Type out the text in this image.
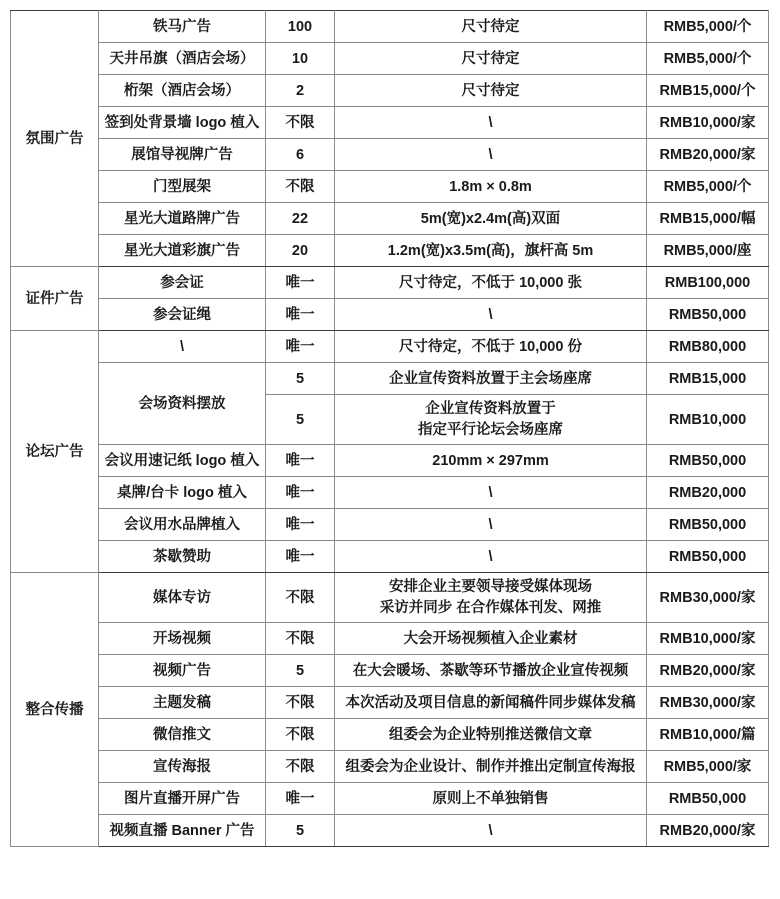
氛围广告	铁马广告	100	尺寸待定	RMB5,000/个
	天井吊旗（酒店会场）	10	尺寸待定	RMB5,000/个
	桁架（酒店会场）	2	尺寸待定	RMB15,000/个
	签到处背景墙 logo 植入	不限	\	RMB10,000/家
	展馆导视牌广告	6	\	RMB20,000/家
	门型展架	不限	1.8m × 0.8m	RMB5,000/个
	星光大道路牌广告	22	5m(宽)x2.4m(高)双面	RMB15,000/幅
	星光大道彩旗广告	20	1.2m(宽)x3.5m(高)，旗杆高 5m	RMB5,000/座
证件广告	参会证	唯一	尺寸待定，不低于 10,000 张	RMB100,000
	参会证绳	唯一	\	RMB50,000
论坛广告	\	唯一	尺寸待定，不低于 10,000 份	RMB80,000
	会场资料摆放	5	企业宣传资料放置于主会场座席	RMB15,000
		5	企业宣传资料放置于
指定平行论坛会场座席	RMB10,000
	会议用速记纸 logo 植入	唯一	210mm × 297mm	RMB50,000
	桌牌/台卡 logo 植入	唯一	\	RMB20,000
	会议用水品牌植入	唯一	\	RMB50,000
	茶歇赞助	唯一	\	RMB50,000
整合传播	媒体专访	不限	安排企业主要领导接受媒体现场
采访并同步 在合作媒体刊发、网推	RMB30,000/家
	开场视频	不限	大会开场视频植入企业素材	RMB10,000/家
	视频广告	5	在大会暖场、茶歇等环节播放企业宣传视频	RMB20,000/家
	主题发稿	不限	本次活动及项目信息的新闻稿件同步媒体发稿	RMB30,000/家
	微信推文	不限	组委会为企业特别推送微信文章	RMB10,000/篇
	宣传海报	不限	组委会为企业设计、制作并推出定制宣传海报	RMB5,000/家
	图片直播开屏广告	唯一	原则上不单独销售	RMB50,000
	视频直播 Banner 广告	5	\	RMB20,000/家
